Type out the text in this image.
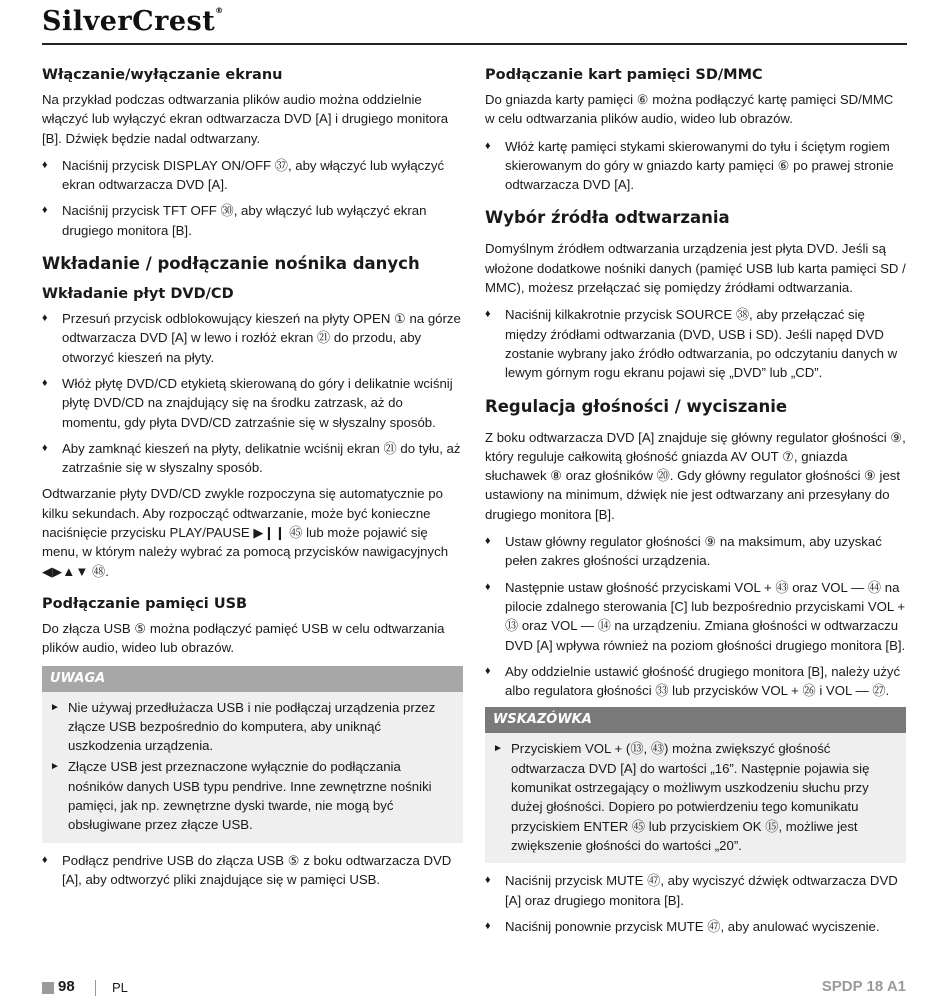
SilverCrest®
Włączanie/wyłączanie ekranu

Na przykład podczas odtwarzania plików audio można oddzielnie włączyć lub wyłączyć ekran odtwarzacza DVD [A] i drugiego monitora [B]. Dźwięk będzie nadal odtwarzany.

♦ Naciśnij przycisk DISPLAY ON/OFF ㊲, aby włączyć lub wyłączyć ekran odtwarzacza DVD [A].
♦ Naciśnij przycisk TFT OFF ㉚, aby włączyć lub wyłączyć ekran drugiego monitora [B].
Wkładanie / podłączanie nośnika danych
Wkładanie płyt DVD/CD
♦ Przesuń przycisk odblokowujący kieszeń na płyty OPEN ① na górze odtwarzacza DVD [A] w lewo i rozłóż ekran ㉑ do przodu, aby otworzyć kieszeń na płyty.
♦ Włóż płytę DVD/CD etykietą skierowaną do góry i delikatnie wciśnij płytę DVD/CD na znajdujący się na środku zatrzask, aż do momentu, gdy płyta DVD/CD zatrzaśnie się w słyszalny sposób.
♦ Aby zamknąć kieszeń na płyty, delikatnie wciśnij ekran ㉑ do tyłu, aż zatrzaśnie się w słyszalny sposób.

Odtwarzanie płyty DVD/CD zwykle rozpoczyna się automatycznie po kilku sekundach. Aby rozpocząć odtwarzanie, może być konieczne naciśnięcie przycisku PLAY/PAUSE ▶❙❙ ㊺ lub może pojawić się menu, w którym należy wybrać za pomocą przycisków nawigacyjnych ◀▶▲▼ ㊽.

Podłączanie pamięci USB

Do złącza USB ⑤ można podłączyć pamięć USB w celu odtwarzania plików audio, wideo lub obrazów.

UWAGA
► Nie używaj przedłużacza USB i nie podłączaj urządzenia przez złącze USB bezpośrednio do komputera, aby uniknąć uszkodzenia urządzenia.
► Złącze USB jest przeznaczone wyłącznie do podłączania nośników danych USB typu pendrive. Inne zewnętrzne nośniki pamięci, jak np. zewnętrzne dyski twarde, nie mogą być obsługiwane przez złącze USB.
♦ Podłącz pendrive USB do złącza USB ⑤ z boku odtwarzacza DVD [A], aby odtworzyć pliki znajdujące się w pamięci USB.
Podłączanie kart pamięci SD/MMC

Do gniazda karty pamięci ⑥ można podłączyć kartę pamięci SD/MMC w celu odtwarzania plików audio, wideo lub obrazów.

♦ Włóż kartę pamięci stykami skierowanymi do tyłu i ściętym rogiem skierowanym do góry w gniazdo karty pamięci ⑥ po prawej stronie odtwarzacza DVD [A].
Wybór źródła odtwarzania

Domyślnym źródłem odtwarzania urządzenia jest płyta DVD. Jeśli są włożone dodatkowe nośniki danych (pamięć USB lub karta pamięci SD / MMC), możesz przełączać się pomiędzy źródłami odtwarzania.

♦ Naciśnij kilkakrotnie przycisk SOURCE ㊳, aby przełączać się między źródłami odtwarzania (DVD, USB i SD). Jeśli napęd DVD zostanie wybrany jako źródło odtwarzania, po odczytaniu danych w lewym górnym rogu ekranu pojawi się „DVD” lub „CD”.
Regulacja głośności / wyciszanie

Z boku odtwarzacza DVD [A] znajduje się główny regulator głośności ⑨, który reguluje całkowitą głośność gniazda AV OUT ⑦, gniazda słuchawek ⑧ oraz głośników ⑳. Gdy główny regulator głośności ⑨ jest ustawiony na minimum, dźwięk nie jest odtwarzany ani przesyłany do drugiego monitora [B].

♦ Ustaw główny regulator głośności ⑨ na maksimum, aby uzyskać pełen zakres głośności urządzenia.
♦ Następnie ustaw głośność przyciskami VOL + ㊸ oraz VOL — ㊹ na pilocie zdalnego sterowania [C] lub bezpośrednio przyciskami VOL + ⑬ oraz VOL — ⑭ na urządzeniu. Zmiana głośności w odtwarzaczu DVD [A] wpływa również na poziom głośności drugiego monitora [B].
♦ Aby oddzielnie ustawić głośność drugiego monitora [B], należy użyć albo regulatora głośności ㉝ lub przycisków VOL + ㉖ i VOL — ㉗.
WSKAZÓWKA
► Przyciskiem VOL + (⑬, ㊸) można zwiększyć głośność odtwarzacza DVD [A] do wartości „16”. Następnie pojawia się komunikat ostrzegający o możliwym uszkodzeniu słuchu przy dużej głośności. Dopiero po potwierdzeniu tego komunikatu przyciskiem ENTER ㊺ lub przyciskiem OK ⑮, możliwe jest zwiększenie głośności do wartości „20”.
♦ Naciśnij przycisk MUTE ㊼, aby wyciszyć dźwięk odtwarzacza DVD [A] oraz drugiego monitora [B].
♦ Naciśnij ponownie przycisk MUTE ㊼, aby anulować wyciszenie.
98	PL	SPDP 18 A1
